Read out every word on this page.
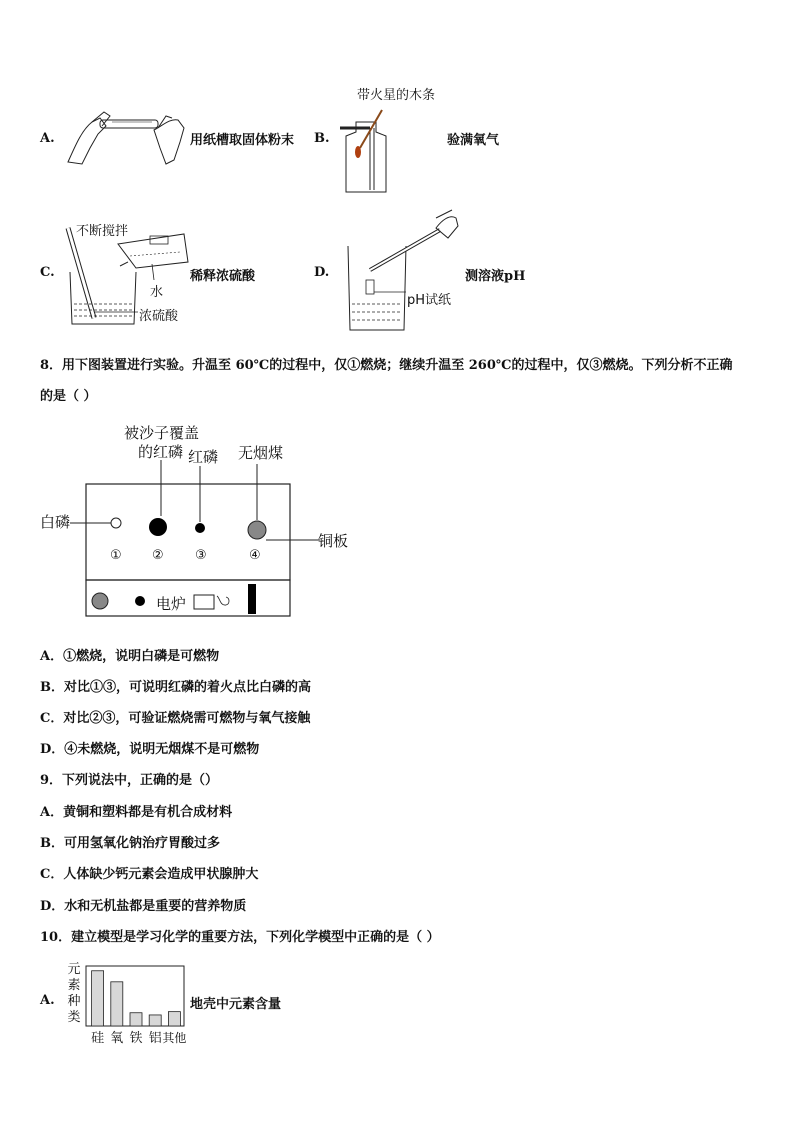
A.	用纸槽取固体粉末
带火星的木条
B.	验满氧气
不断搅拌
C.
水
浓硫酸
稀释浓硫酸	D.
pH试纸
测溶液pH
8．用下图装置进行实验。升温至 60℃的过程中，仅①燃烧；继续升温至 260℃的过程中，仅③燃烧。下列分析不正确
的是（ ）
被沙子覆盖
的红磷 红磷 无烟煤
白磷
铜板
电炉
① ② ③	④
A．①燃烧，说明白磷是可燃物
B．对比①③，可说明红磷的着火点比白磷的高
C．对比②③，可验证燃烧需可燃物与氧气接触
D．④未燃烧，说明无烟煤不是可燃物
9．下列说法中，正确的是（）
A．黄铜和塑料都是有机合成材料
B．可用氢氧化钠治疗胃酸过多
C．人体缺少钙元素会造成甲状腺肿大
D．水和无机盐都是重要的营养物质
10．建立模型是学习化学的重要方法，下列化学模型中正确的是（ ）
A.
元
素
种
类
硅 氧 铁 铝 其他
地壳中元素含量
